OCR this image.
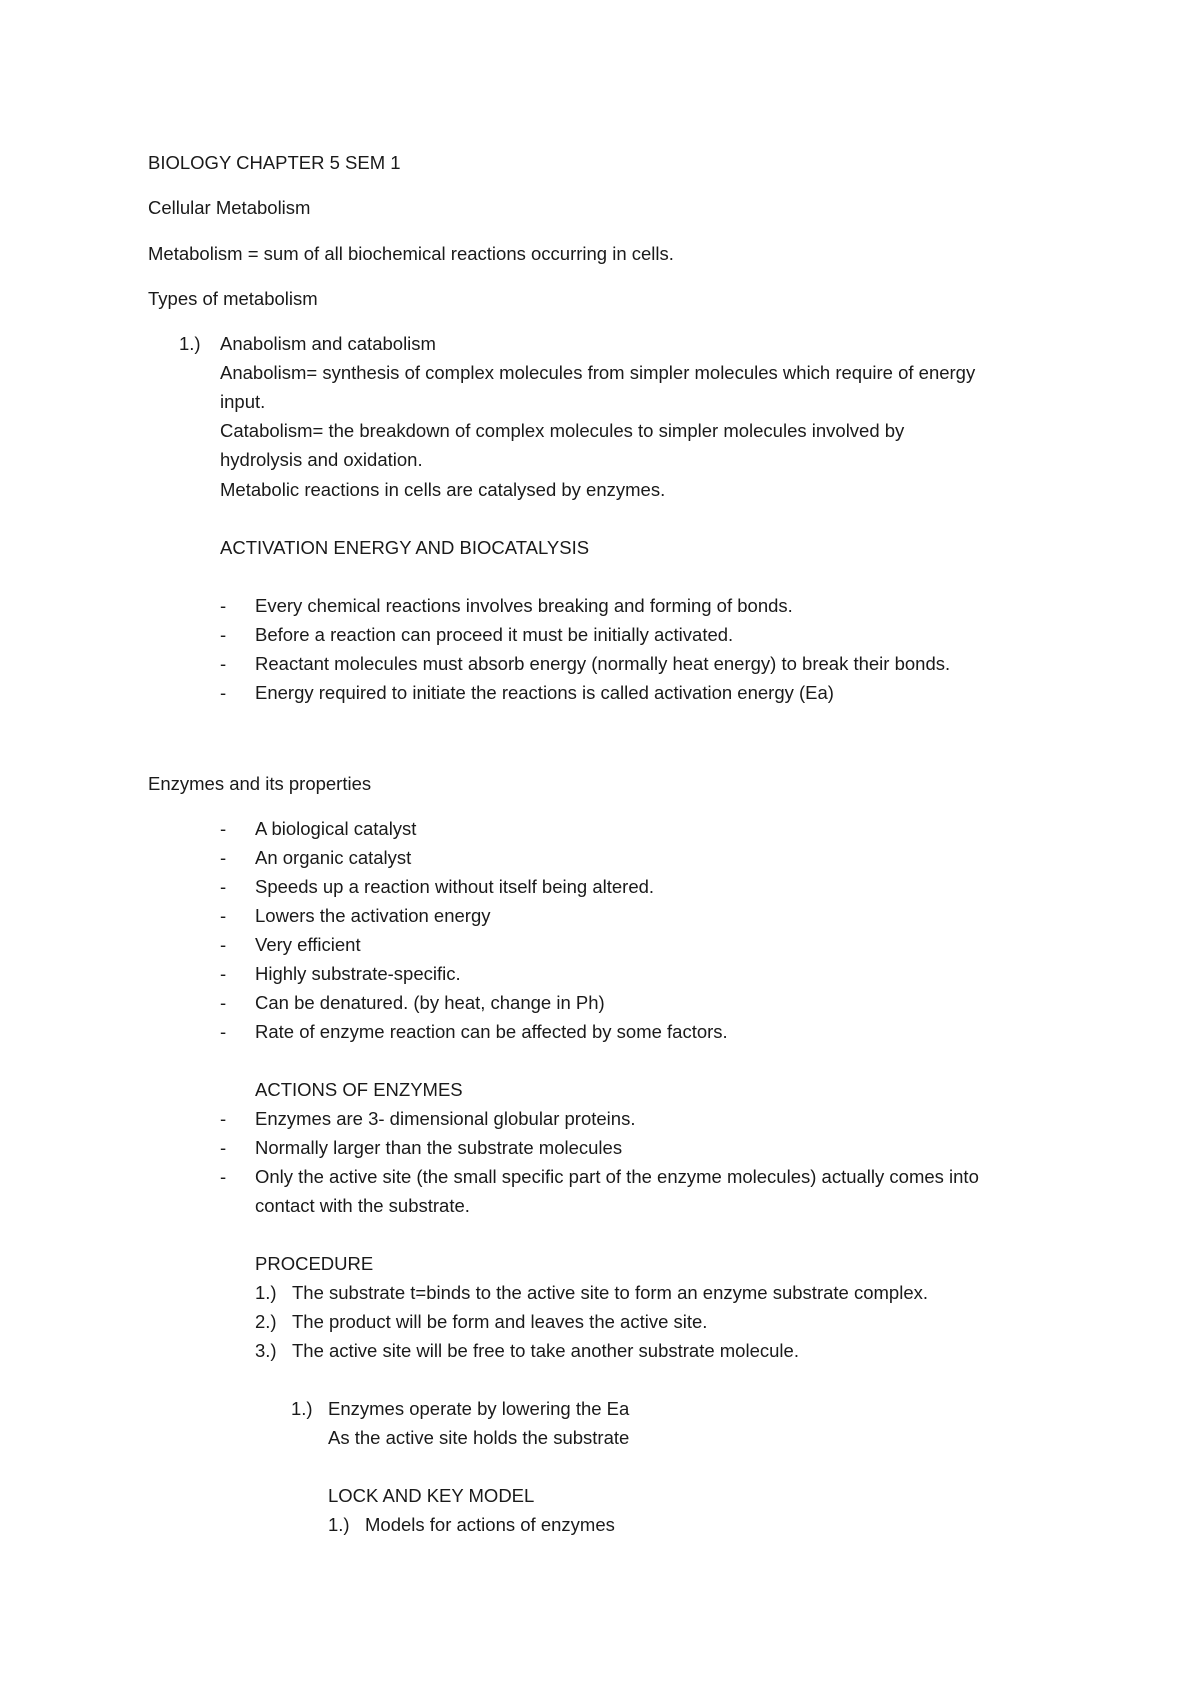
BIOLOGY CHAPTER 5 SEM 1
Cellular Metabolism
Metabolism = sum of all biochemical reactions occurring in cells.
Types of metabolism
1.) Anabolism and catabolism
Anabolism= synthesis of complex molecules from simpler molecules which require of energy
input.
Catabolism= the breakdown of complex molecules to simpler molecules involved by
hydrolysis and oxidation.
Metabolic reactions in cells are catalysed by enzymes.
ACTIVATION ENERGY AND BIOCATALYSIS
- Every chemical reactions involves breaking and forming of bonds.
- Before a reaction can proceed it must be initially activated.
- Reactant molecules must absorb energy (normally heat energy) to break their bonds.
- Energy required to initiate the reactions is called activation energy (Ea)
Enzymes and its properties
- A biological catalyst
- An organic catalyst
- Speeds up a reaction without itself being altered.
- Lowers the activation energy
- Very efficient
- Highly substrate-specific.
- Can be denatured. (by heat, change in Ph)
- Rate of enzyme reaction can be affected by some factors.
ACTIONS OF ENZYMES
- Enzymes are 3- dimensional globular proteins.
- Normally larger than the substrate molecules
- Only the active site (the small specific part of the enzyme molecules) actually comes into
contact with the substrate.
PROCEDURE
1.) The substrate t=binds to the active site to form an enzyme substrate complex.
2.) The product will be form and leaves the active site.
3.) The active site will be free to take another substrate molecule.
1.) Enzymes operate by lowering the Ea
As the active site holds the substrate
LOCK AND KEY MODEL
1.) Models for actions of enzymes
